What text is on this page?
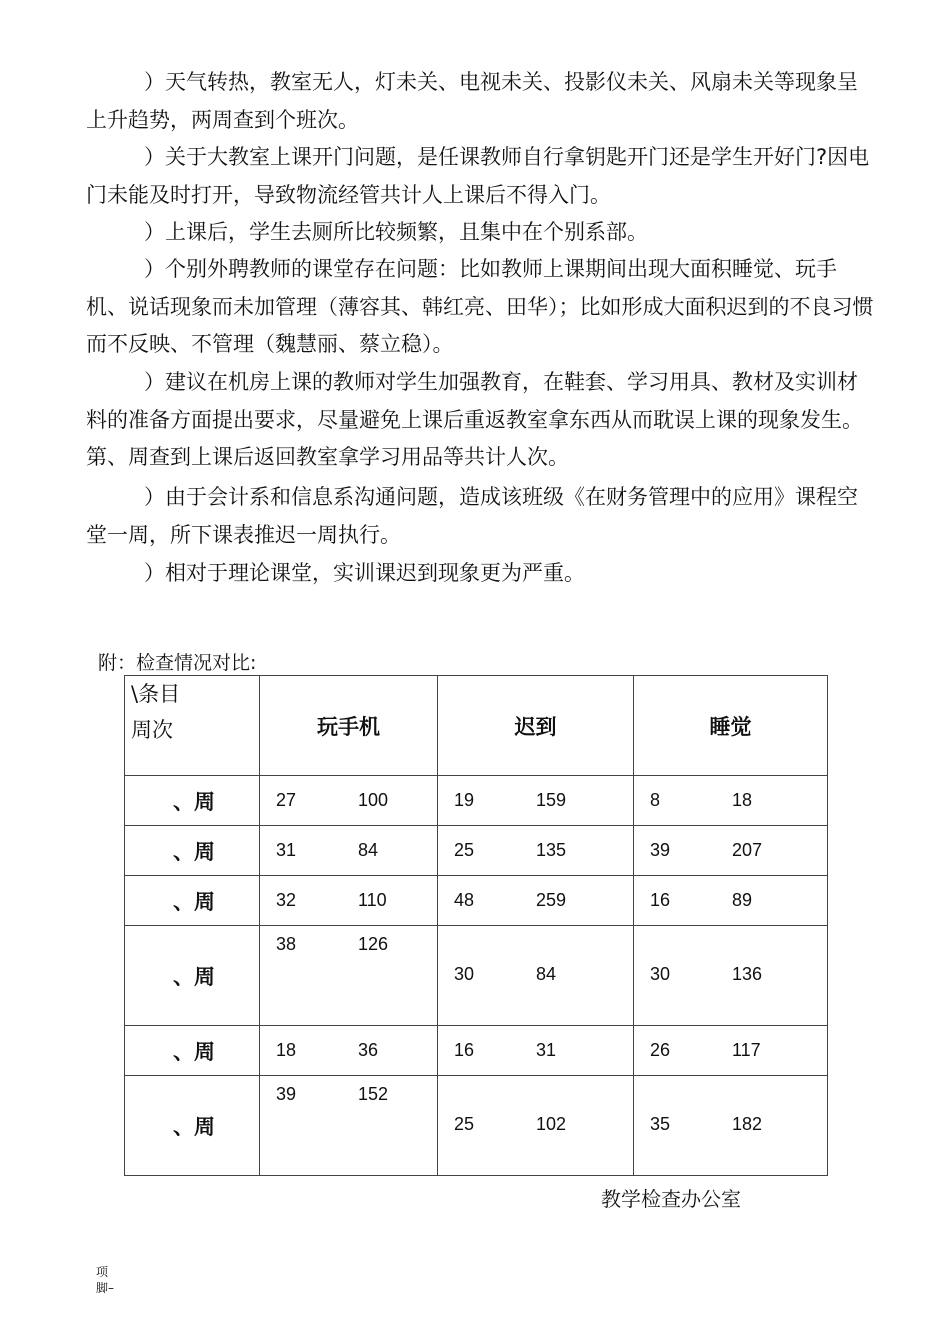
）天气转热，教室无人，灯未关、电视未关、投影仪未关、风扇未关等现象呈上升趋势，两周查到个班次。

）关于大教室上课开门问题，是任课教师自行拿钥匙开门还是学生开好门?因电门未能及时打开，导致物流经管共计人上课后不得入门。

）上课后，学生去厕所比较频繁，且集中在个别系部。

）个别外聘教师的课堂存在问题：比如教师上课期间出现大面积睡觉、玩手机、说话现象而未加管理（薄容其、韩红亮、田华）；比如形成大面积迟到的不良习惯而不反映、不管理（魏慧丽、蔡立稳）。

）建议在机房上课的教师对学生加强教育，在鞋套、学习用具、教材及实训材料的准备方面提出要求，尽量避免上课后重返教室拿东西从而耽误上课的现象发生。第、周查到上课后返回教室拿学习用品等共计人次。

）由于会计系和信息系沟通问题，造成该班级《在财务管理中的应用》课程空堂一周，所下课表推迟一周执行。

）相对于理论课堂，实训课迟到现象更为严重。

附：检查情况对比:
\条目
周次	玩手机	迟到	睡觉
、周	27 100	19 159	8 18

、周	31 84	25 135	39 207

、周	32 110	48 259	16 89

、周	38 126	30 84	30 136

、周	18 36	16 31	26 117

、周	39 152	25 102	35 182
教学检查办公室
项
脚–
